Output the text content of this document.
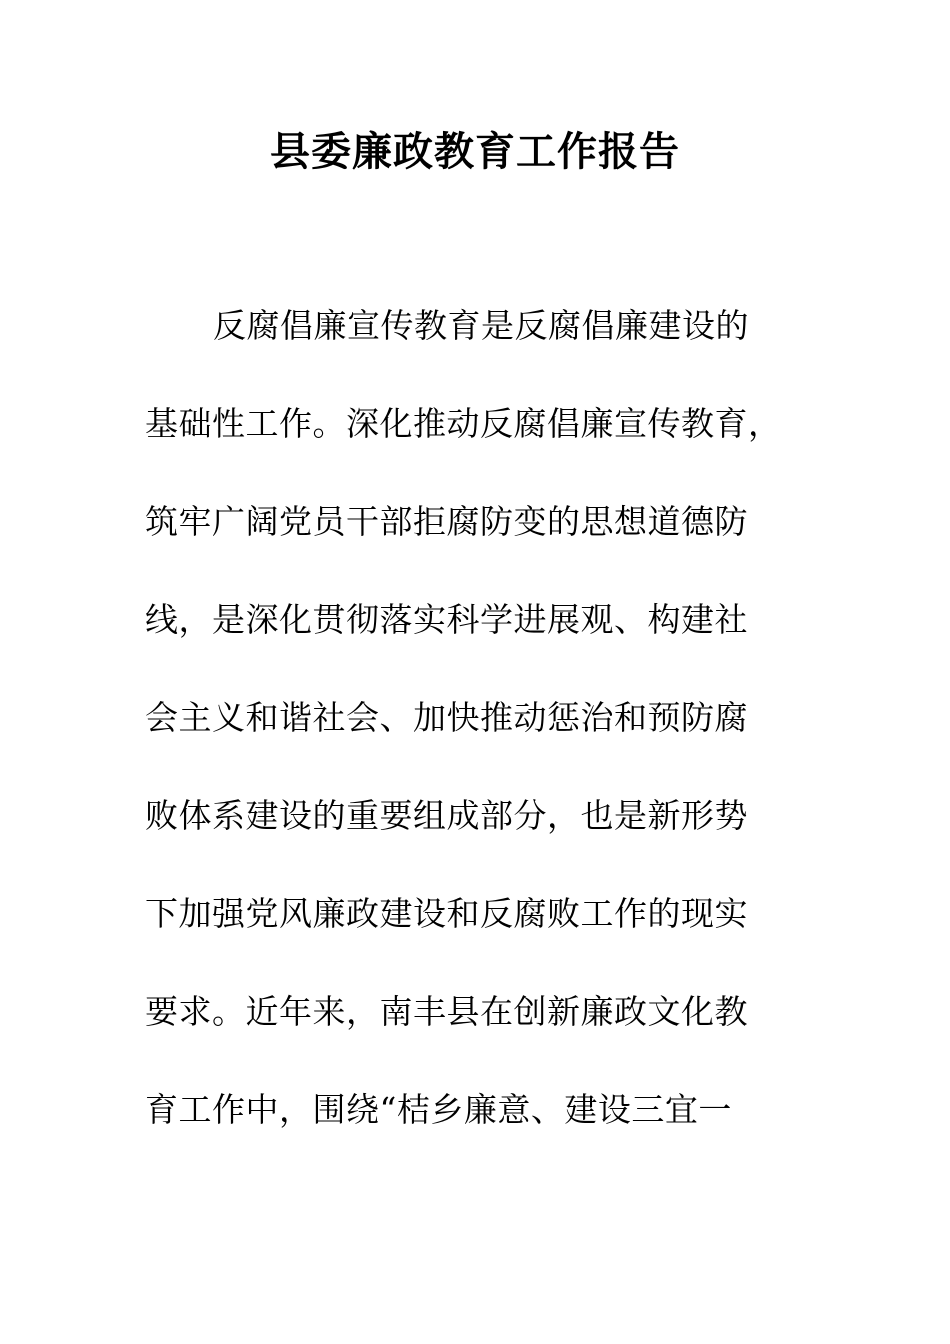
县委廉政教育工作报告
反腐倡廉宣传教育是反腐倡廉建设的
基础性工作。深化推动反腐倡廉宣传教育，
筑牢广阔党员干部拒腐防变的思想道德防
线，是深化贯彻落实科学进展观、构建社
会主义和谐社会、加快推动惩治和预防腐
败体系建设的重要组成部分，也是新形势
下加强党风廉政建设和反腐败工作的现实
要求。近年来，南丰县在创新廉政文化教
育工作中，围绕“桔乡廉意、建设三宜一
